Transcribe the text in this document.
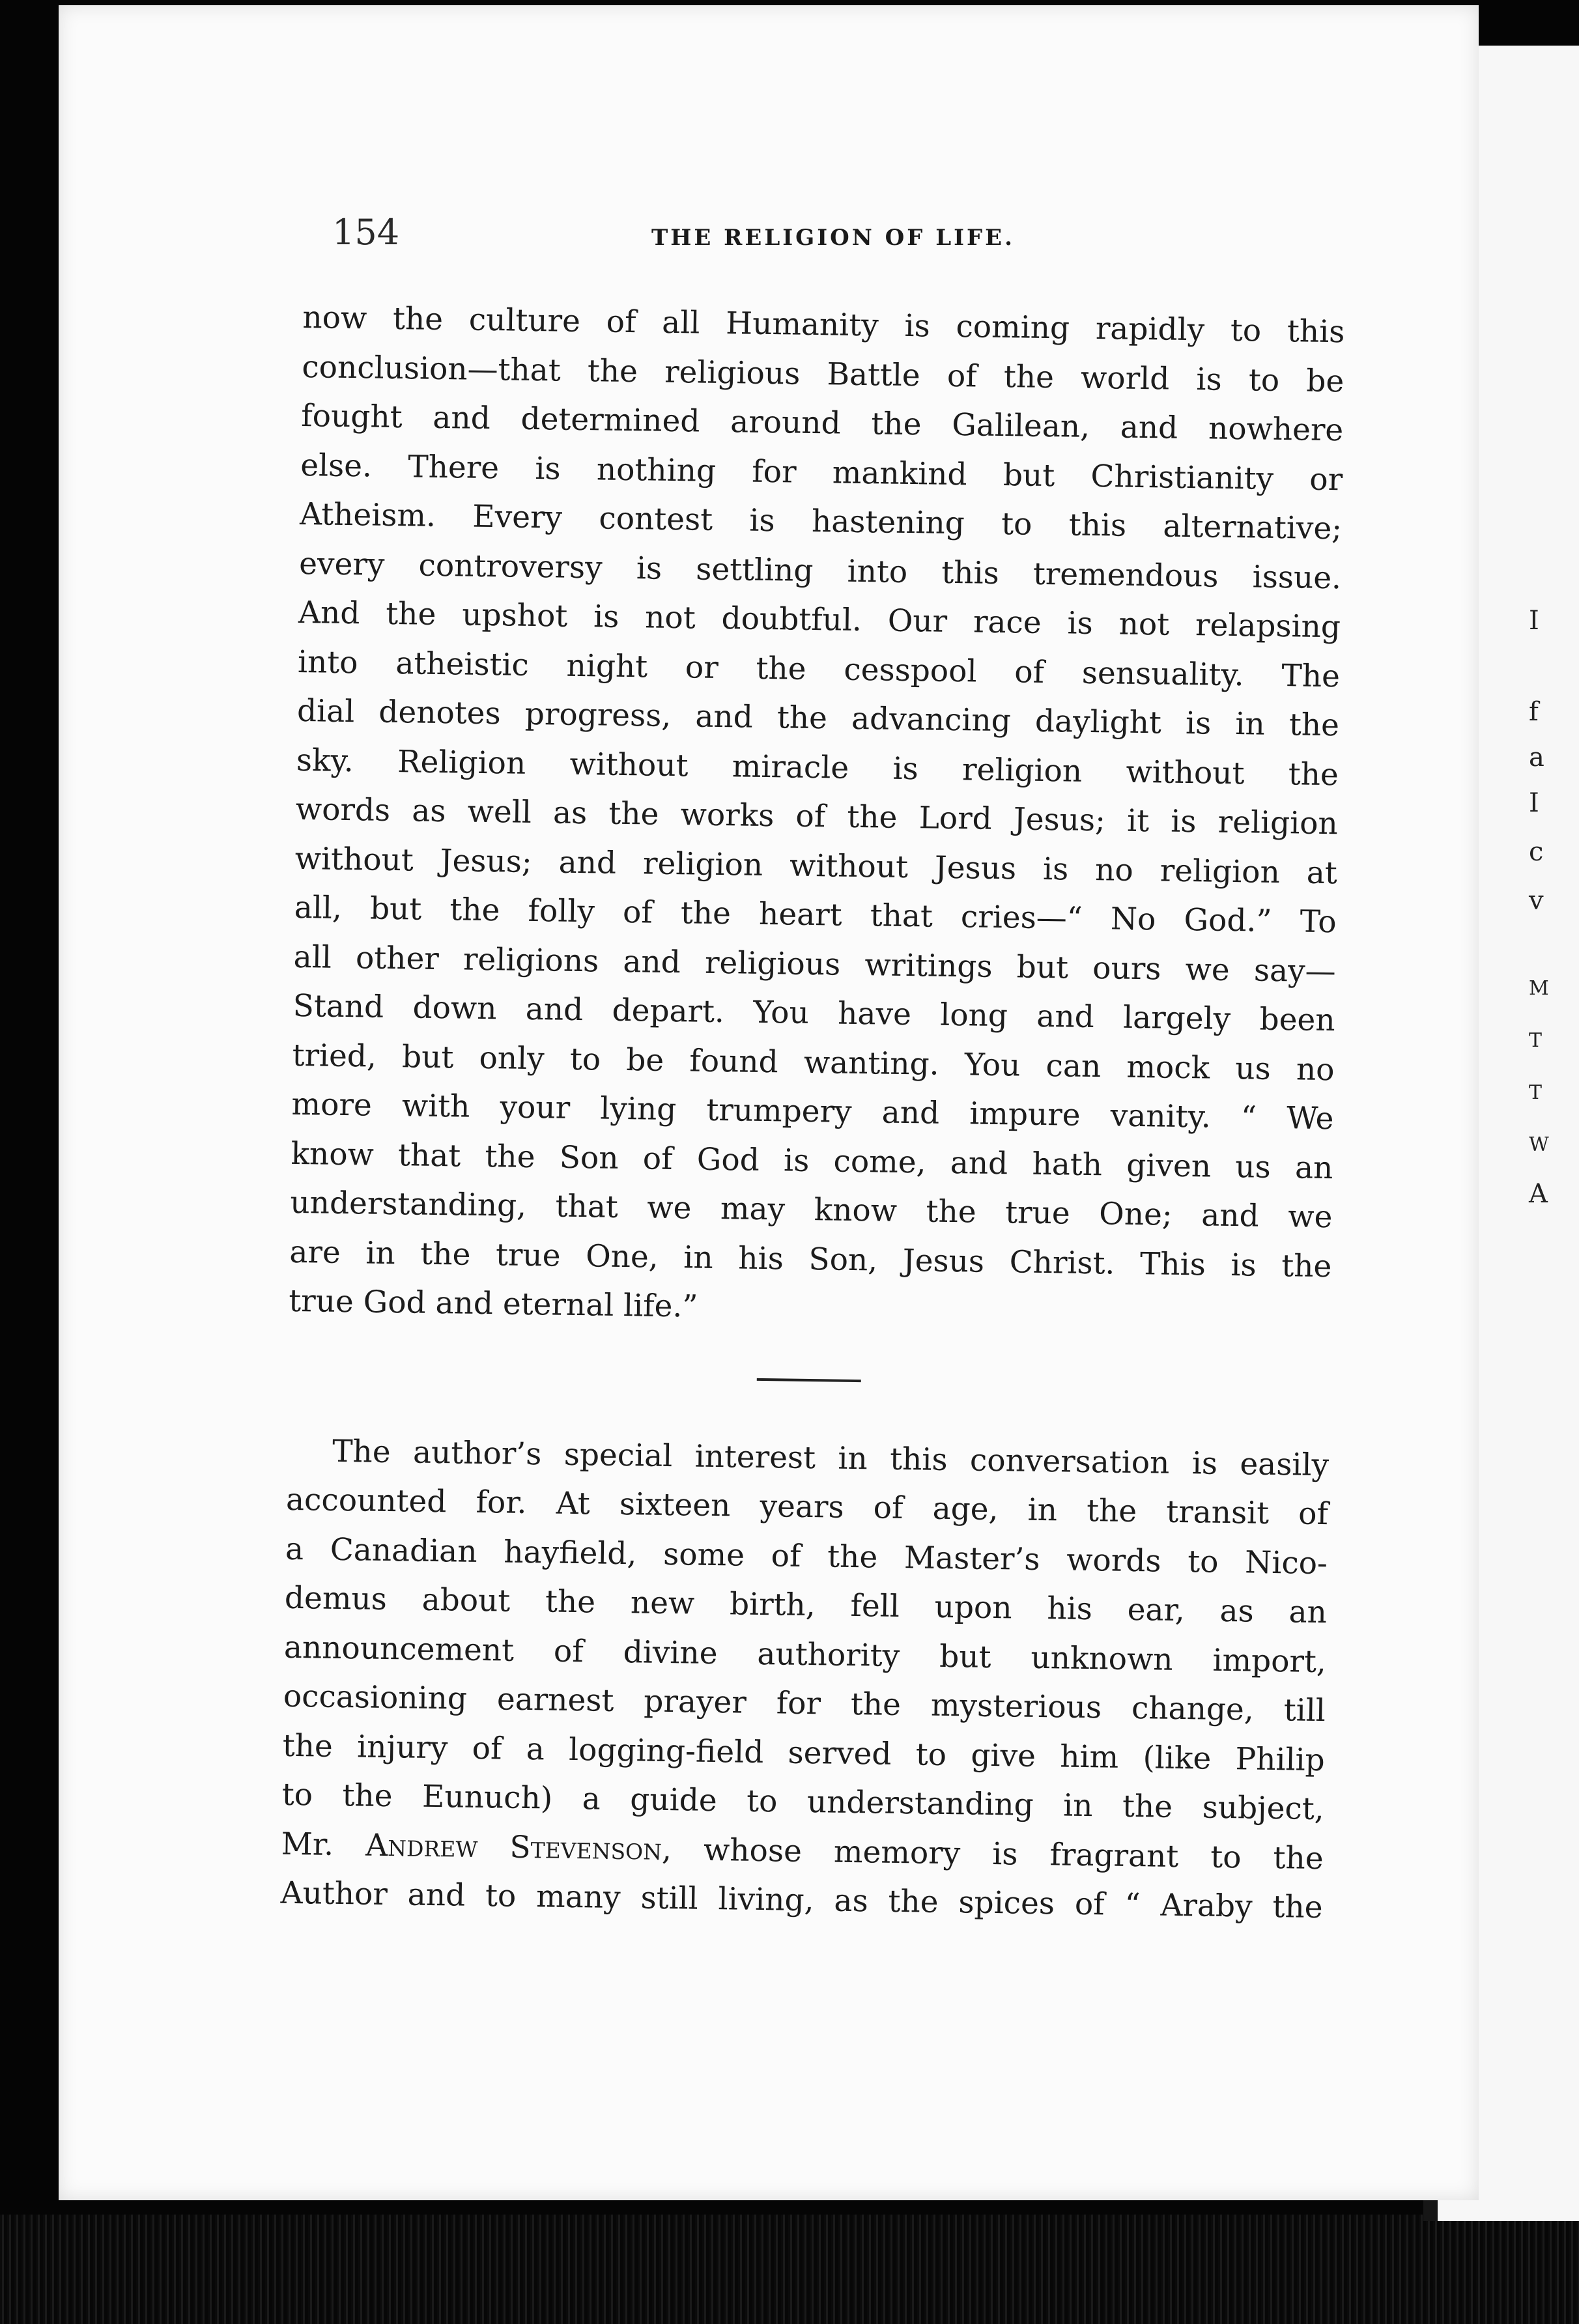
I
f
a
I
c
v
M
T
T
W
A
154	THE RELIGION OF LIFE.
now the culture of all Humanity is coming rapidly to this
conclusion—that the religious Battle of the world is to be
fought and determined around the Galilean, and nowhere
else. There is nothing for mankind but Christianity or
Atheism. Every contest is hastening to this alternative;
every controversy is settling into this tremendous issue.
And the upshot is not doubtful. Our race is not relapsing
into atheistic night or the cesspool of sensuality. The
dial denotes progress, and the advancing daylight is in the
sky. Religion without miracle is religion without the
words as well as the works of the Lord Jesus; it is religion
without Jesus; and religion without Jesus is no religion at
all, but the folly of the heart that cries—“ No God.” To
all other religions and religious writings but ours we say—
Stand down and depart. You have long and largely been
tried, but only to be found wanting. You can mock us no
more with your lying trumpery and impure vanity. “ We
know that the Son of God is come, and hath given us an
understanding, that we may know the true One; and we
are in the true One, in his Son, Jesus Christ. This is the
true God and eternal life.”
The author’s special interest in this conversation is easily
accounted for. At sixteen years of age, in the transit of
a Canadian hayfield, some of the Master’s words to Nico-
demus about the new birth, fell upon his ear, as an
announcement of divine authority but unknown import,
occasioning earnest prayer for the mysterious change, till
the injury of a logging-field served to give him (like Philip
to the Eunuch) a guide to understanding in the subject,
Mr. Andrew Stevenson, whose memory is fragrant to the
Author and to many still living, as the spices of “ Araby the
